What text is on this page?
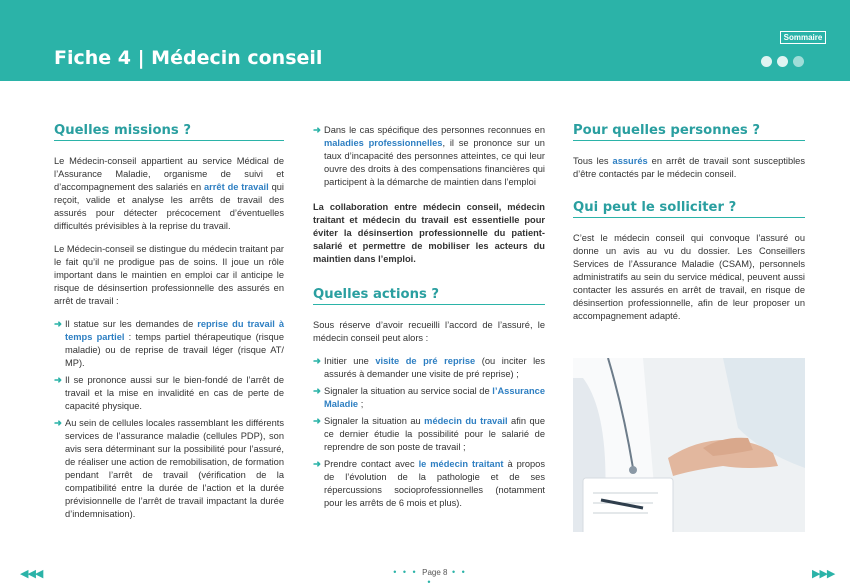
Fiche 4 | Médecin conseil
Sommaire
Quelles missions ?

Le Médecin-conseil appartient au service Médical de l’Assurance Maladie, organisme de suivi et d’accompagnement des salariés en arrêt de travail qui reçoit, valide et analyse les arrêts de travail des assurés pour détecter précocement d’éventuelles difficultés prévisibles à la reprise du travail.

Le Médecin-conseil se distingue du médecin traitant par le fait qu’il ne prodigue pas de soins. Il joue un rôle important dans le maintien en emploi car il anticipe le risque de désinsertion professionnelle des assurés en arrêt de travail :

➜ Il statue sur les demandes de reprise du travail à temps partiel : temps partiel thérapeutique (risque maladie) ou de reprise de travail léger (risque AT/ MP).
➜ Il se prononce aussi sur le bien-fondé de l’arrêt de travail et la mise en invalidité en cas de perte de capacité physique.
➜ Au sein de cellules locales rassemblant les différents services de l’assurance maladie (cellules PDP), son avis sera déterminant sur la possibilité pour l’assuré, de réaliser une action de remobilisation, de formation pendant l’arrêt de travail (vérification de la compatibilité entre la durée de l’action et la durée prévisionnelle de l’arrêt de travail impactant la durée d’indemnisation).
➜ Dans le cas spécifique des personnes reconnues en maladies professionnelles, il se prononce sur un taux d’incapacité des personnes atteintes, ce qui leur ouvre des droits à des compensations financières qui participent à la démarche de maintien dans l’emploi

La collaboration entre médecin conseil, médecin traitant et médecin du travail est essentielle pour éviter la désinsertion professionnelle du patient-salarié et permettre de mobiliser les acteurs du maintien dans l’emploi.

Quelles actions ?

Sous réserve d’avoir recueilli l’accord de l’assuré, le médecin conseil peut alors :

➜ Initier une visite de pré reprise (ou inciter les assurés à demander une visite de pré reprise) ;
➜ Signaler la situation au service social de l’Assurance Maladie ;
➜ Signaler la situation au médecin du travail afin que ce dernier étudie la possibilité pour le salarié de reprendre de son poste de travail ;
➜ Prendre contact avec le médecin traitant à propos de l’évolution de la pathologie et de ses répercussions socioprofessionnelles (notamment pour les arrêts de 6 mois et plus).
Pour quelles personnes ?

Tous les assurés en arrêt de travail sont susceptibles d’être contactés par le médecin conseil.

Qui peut le solliciter ?

C’est le médecin conseil qui convoque l’assuré ou donne un avis au vu du dossier. Les Conseillers Services de l’Assurance Maladie (CSAM), personnels administratifs au sein du service médical, peuvent aussi contacter les assurés en arrêt de travail, en risque de désinsertion professionnelle, afin de leur proposer un accompagnement adapté.

◀◀◀	• • • Page 8 • • •
▶▶▶
